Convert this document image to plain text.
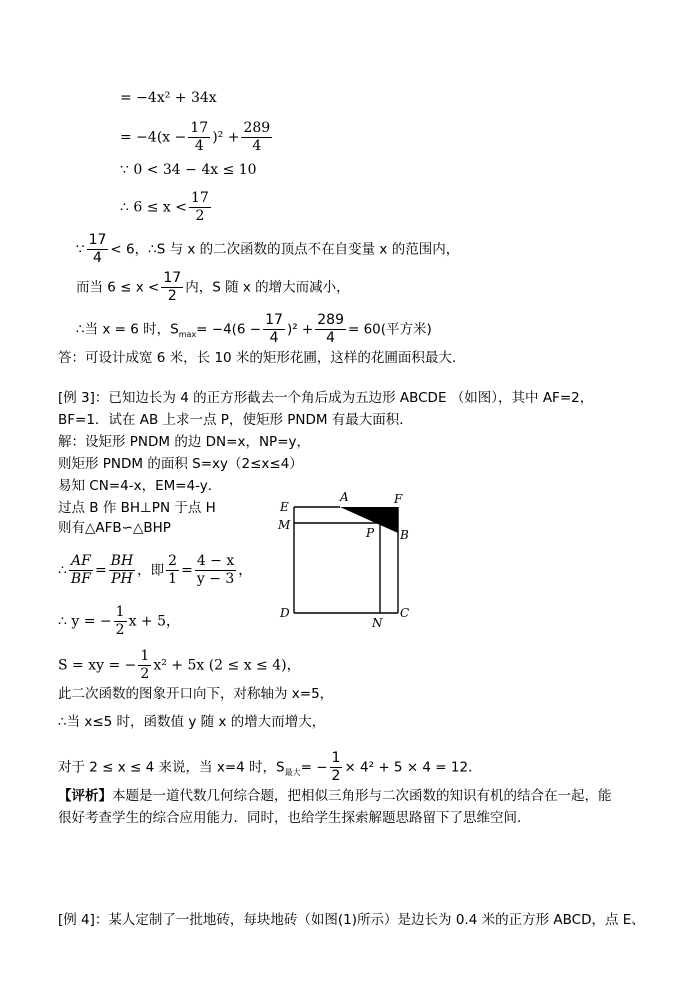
= −4x² + 34x
= $-4(x - \frac{17}{4} )^2 + \frac{289}{4}$
∵ 0 < 34 − 4x ≤ 10
∴ $6 \le x < \frac{17}{2}$
∵ $\frac{17}{4} < 6$，∴S 与 x 的二次函数的顶点不在自变量 x 的范围内，
而当 $6 \le x < \frac{17}{2}$ 内，S 随 x 的增大而减小，
∴当 x = 6 时，$S_{max}= -4(6 - \frac{17}{4} )^2 + \frac{289}{4} = 60$(平方米)
答：可设计成宽 6 米，长 10 米的矩形花圃，这样的花圃面积最大．
[例 3]：已知边长为 4 的正方形截去一个角后成为五边形 ABCDE （如图），其中 AF=2，
BF=1．试在 AB 上求一点 P，使矩形 PNDM 有最大面积．
解：设矩形 PNDM 的边 DN=x，NP=y，
则矩形 PNDM 的面积 S=xy（2≤x≤4）
易知 CN=4-x，EM=4-y．
过点 B 作 BH⊥PN 于点 H
则有△AFB∽△BHP
∴ $\frac{AF}{BF} = \frac{BH}{PH}$ ，即 $\frac{2}{1} = \frac{4 - x}{y - 3}$ ，
∴ y = − $\frac{1}{2}$ x + 5，
S = xy = − $\frac{1}{2} x^2 + 5x$ (2 ≤ x ≤ 4)，
此二次函数的图象开口向下，对称轴为 x=5，
∴当 x≤5 时，函数值 y 随 x 的增大而增大，
对于 2 ≤ x ≤ 4 来说，当 x=4 时，$S_{最大}= - \frac{1}{2} \times 4^2 + 5 \times 4 = 12$．
【评析】本题是一道代数几何综合题，把相似三角形与二次函数的知识有机的结合在一起，能
很好考查学生的综合应用能力．同时，也给学生探索解题思路留下了思维空间．
[例 4]：某人定制了一批地砖，每块地砖（如图(1)所示）是边长为 0.4 米的正方形 ABCD，点 E、
E
A	F
M
P B
D
N
C
